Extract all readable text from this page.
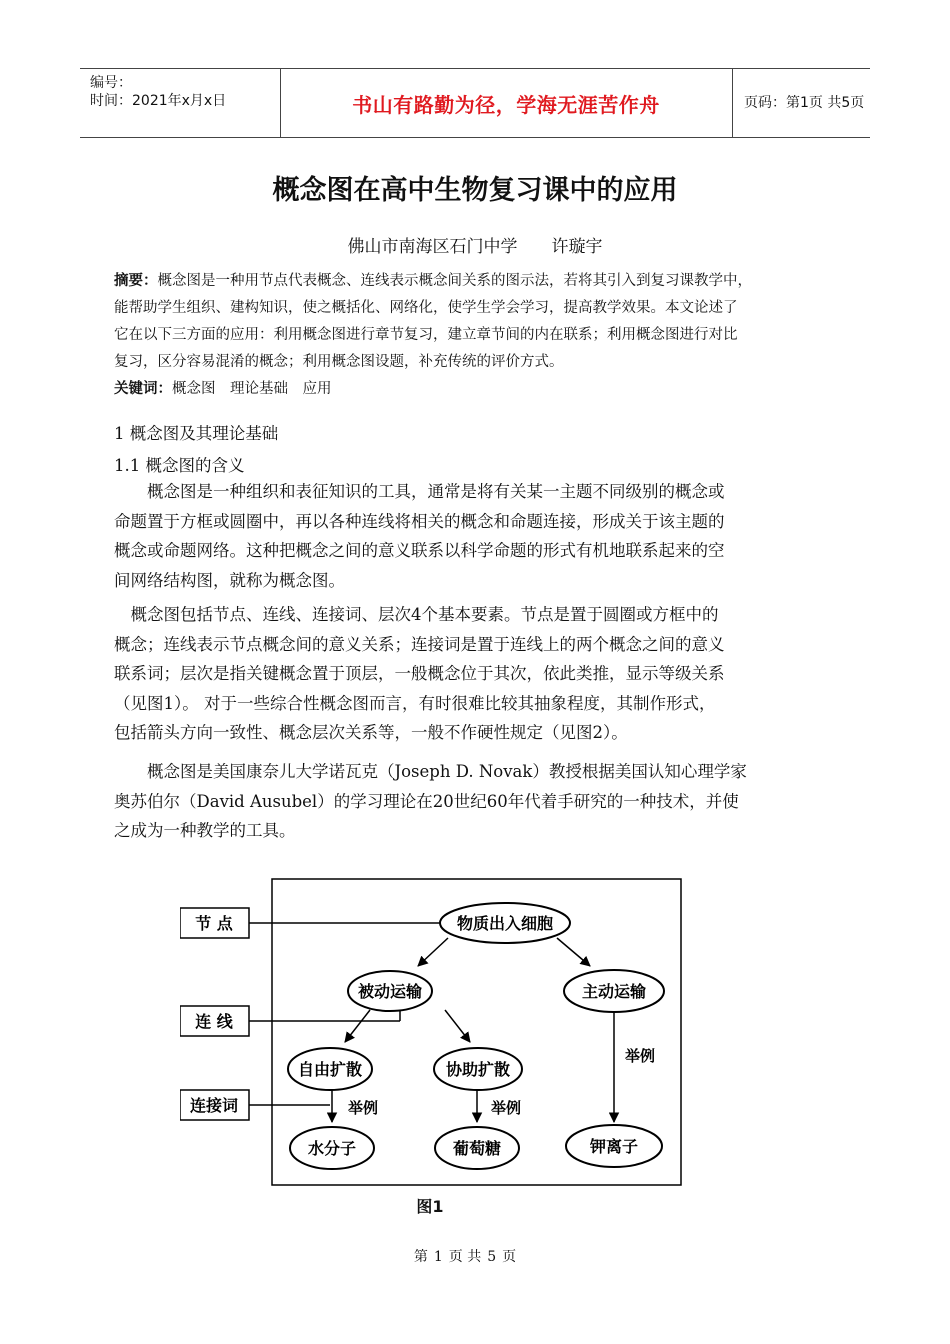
编号：
时间：2021年x月x日	书山有路勤为径，学海无涯苦作舟	页码：第1页 共5页
概念图在高中生物复习课中的应用
佛山市南海区石门中学 许璇宇

摘要：概念图是一种用节点代表概念、连线表示概念间关系的图示法，若将其引入到复习课教学中，

能帮助学生组织、建构知识，使之概括化、网络化，使学生学会学习，提高教学效果。本文论述了

它在以下三方面的应用：利用概念图进行章节复习，建立章节间的内在联系；利用概念图进行对比

复习，区分容易混淆的概念；利用概念图设题，补充传统的评价方式。

关键词：概念图　理论基础　应用

1 概念图及其理论基础
1.1 概念图的含义

　　概念图是一种组织和表征知识的工具，通常是将有关某一主题不同级别的概念或

命题置于方框或圆圈中，再以各种连线将相关的概念和命题连接，形成关于该主题的

概念或命题网络。这种把概念之间的意义联系以科学命题的形式有机地联系起来的空

间网络结构图，就称为概念图。

　概念图包括节点、连线、连接词、层次4个基本要素。节点是置于圆圈或方框中的

概念；连线表示节点概念间的意义关系；连接词是置于连线上的两个概念之间的意义

联系词；层次是指关键概念置于顶层，一般概念位于其次，依此类推，显示等级关系

（见图1）。 对于一些综合性概念图而言，有时很难比较其抽象程度，其制作形式，

包括箭头方向一致性、概念层次关系等，一般不作硬性规定（见图2）。

　　概念图是美国康奈儿大学诺瓦克（Joseph D. Novak）教授根据美国认知心理学家

奥苏伯尔（David Ausubel）的学习理论在20世纪60年代着手研究的一种技术，并使

之成为一种教学的工具。

节 点
连 线
连接词	举例	举例
举例
物质出入细胞
被动运输	主动运输
自由扩散	协助扩散
水分子	葡萄糖	钾离子
图1
第 1 页 共 5 页
